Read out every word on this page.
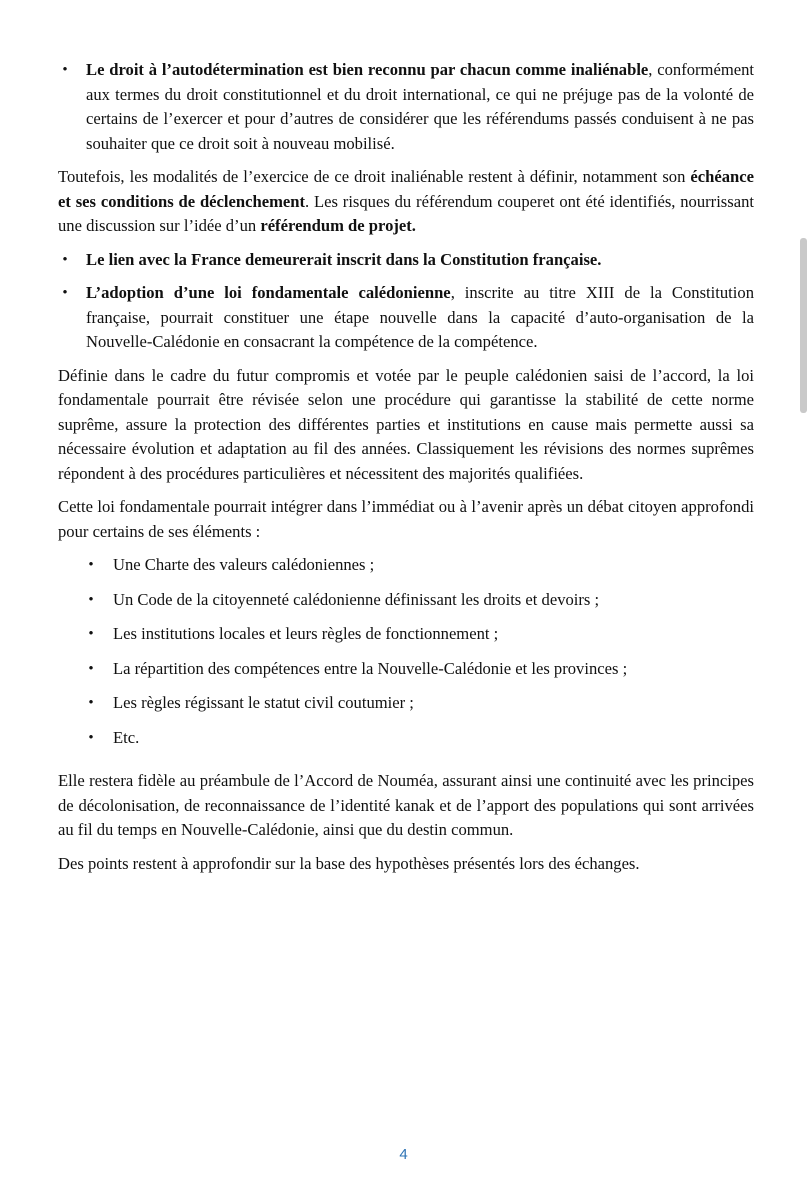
• Le droit à l’autodétermination est bien reconnu par chacun comme inaliénable, conformément aux termes du droit constitutionnel et du droit international, ce qui ne préjuge pas de la volonté de certains de l’exercer et pour d’autres de considérer que les référendums passés conduisent à ne pas souhaiter que ce droit soit à nouveau mobilisé.

Toutefois, les modalités de l’exercice de ce droit inaliénable restent à définir, notamment son échéance et ses conditions de déclenchement. Les risques du référendum couperet ont été identifiés, nourrissant une discussion sur l’idée d’un référendum de projet.

• Le lien avec la France demeurerait inscrit dans la Constitution française.
• L’adoption d’une loi fondamentale calédonienne, inscrite au titre XIII de la Constitution française, pourrait constituer une étape nouvelle dans la capacité d’auto-organisation de la Nouvelle-Calédonie en consacrant la compétence de la compétence.

Définie dans le cadre du futur compromis et votée par le peuple calédonien saisi de l’accord, la loi fondamentale pourrait être révisée selon une procédure qui garantisse la stabilité de cette norme suprême, assure la protection des différentes parties et institutions en cause mais permette aussi sa nécessaire évolution et adaptation au fil des années. Classiquement les révisions des normes suprêmes répondent à des procédures particulières et nécessitent des majorités qualifiées.

Cette loi fondamentale pourrait intégrer dans l’immédiat ou à l’avenir après un débat citoyen approfondi pour certains de ses éléments :

• Une Charte des valeurs calédoniennes ;
• Un Code de la citoyenneté calédonienne définissant les droits et devoirs ;
• Les institutions locales et leurs règles de fonctionnement ;
• La répartition des compétences entre la Nouvelle-Calédonie et les provinces ;
• Les règles régissant le statut civil coutumier ;
• Etc.

Elle restera fidèle au préambule de l’Accord de Nouméa, assurant ainsi une continuité avec les principes de décolonisation, de reconnaissance de l’identité kanak et de l’apport des populations qui sont arrivées au fil du temps en Nouvelle-Calédonie, ainsi que du destin commun.

Des points restent à approfondir sur la base des hypothèses présentés lors des échanges.

4
